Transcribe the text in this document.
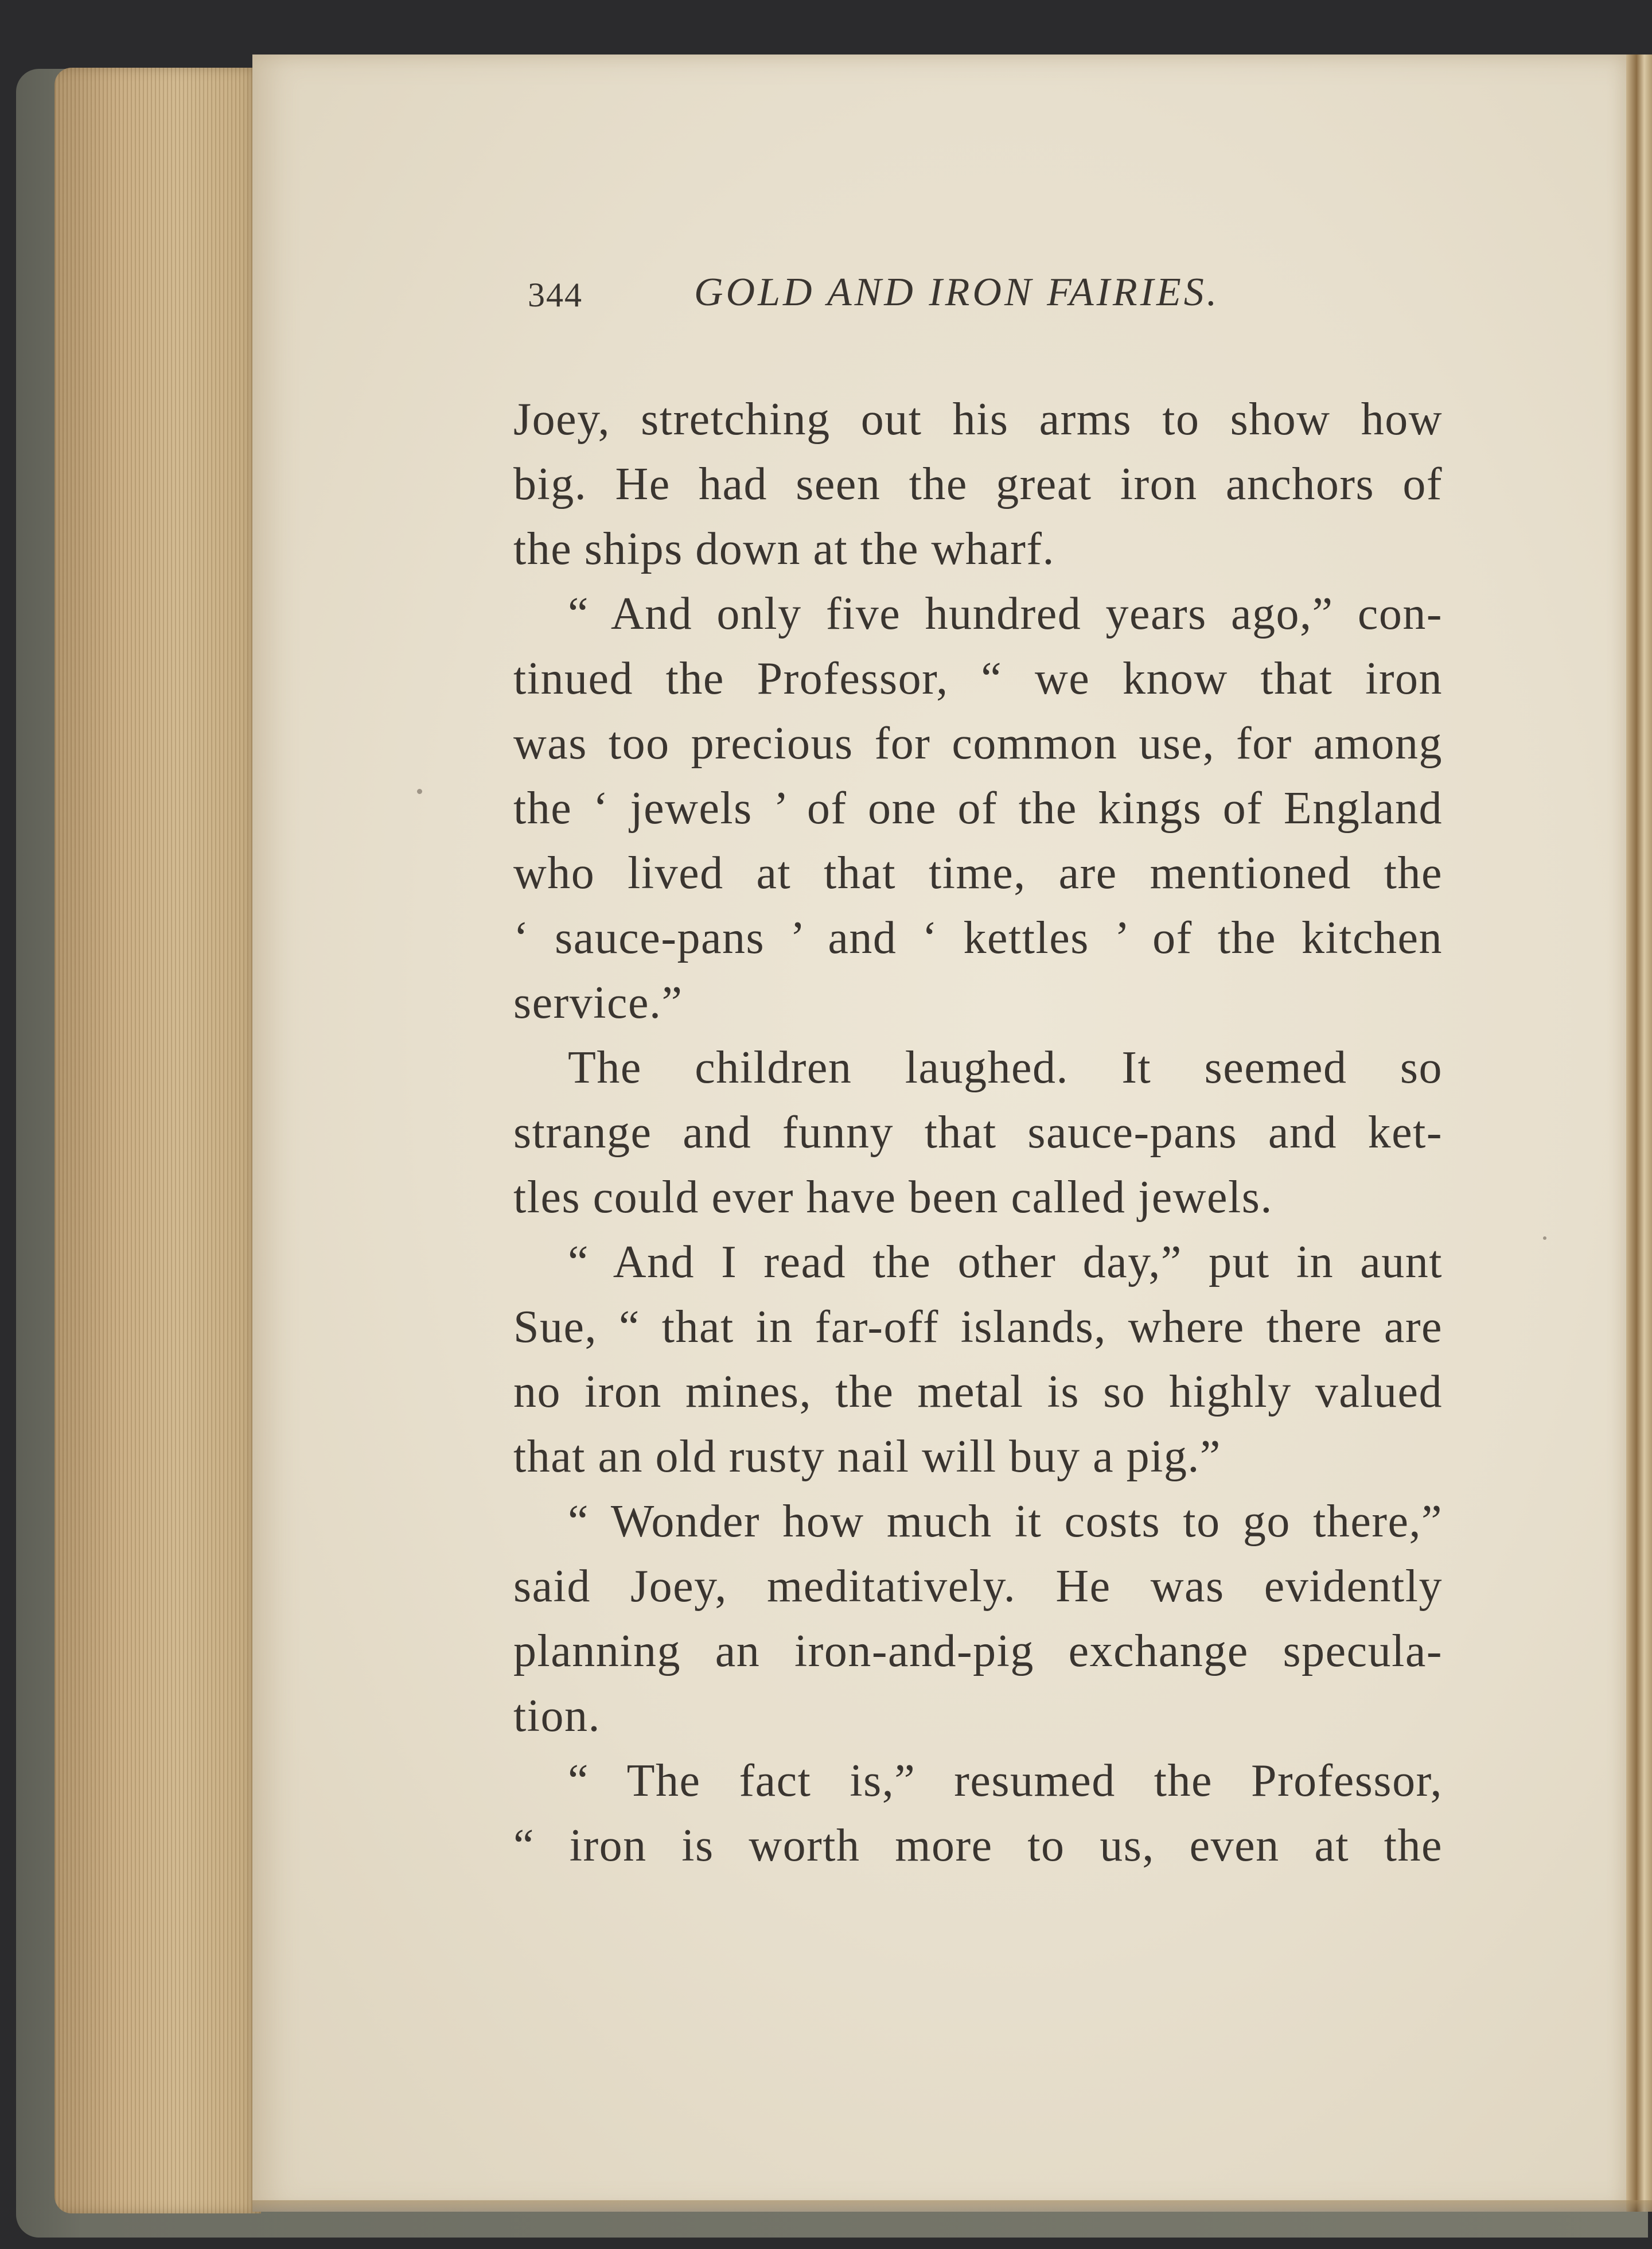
344	GOLD AND IRON FAIRIES.
Joey, stretching out his arms to show how
big. He had seen the great iron anchors of
the ships down at the wharf.
“ And only five hundred years ago,” con-
tinued the Professor, “ we know that iron
was too precious for common use, for among
the ‘ jewels ’ of one of the kings of England
who lived at that time, are mentioned the
‘ sauce-pans ’ and ‘ kettles ’ of the kitchen
service.”
The children laughed. It seemed so
strange and funny that sauce-pans and ket-
tles could ever have been called jewels.
“ And I read the other day,” put in aunt
Sue, “ that in far-off islands, where there are
no iron mines, the metal is so highly valued
that an old rusty nail will buy a pig.”
“ Wonder how much it costs to go there,”
said Joey, meditatively. He was evidently
planning an iron-and-pig exchange specula-
tion.
“ The fact is,” resumed the Professor,
“ iron is worth more to us, even at the
